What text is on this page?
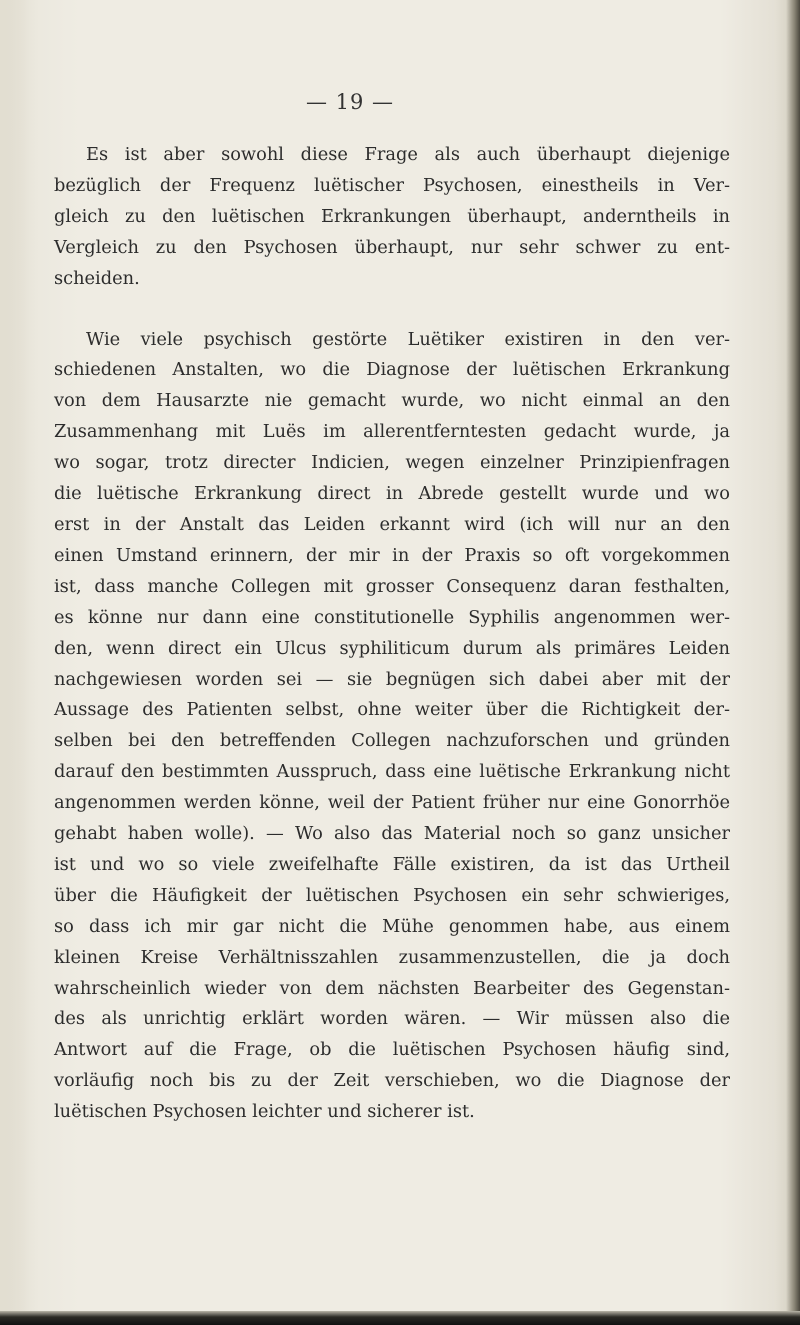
— 19 —
Es ist aber sowohl diese Frage als auch überhaupt diejenige
bezüglich der Frequenz luëtischer Psychosen, einestheils in Ver-
gleich zu den luëtischen Erkrankungen überhaupt, anderntheils in
Vergleich zu den Psychosen überhaupt, nur sehr schwer zu ent-
scheiden.
Wie viele psychisch gestörte Luëtiker existiren in den ver-
schiedenen Anstalten, wo die Diagnose der luëtischen Erkrankung
von dem Hausarzte nie gemacht wurde, wo nicht einmal an den
Zusammenhang mit Luës im allerentferntesten gedacht wurde, ja
wo sogar, trotz directer Indicien, wegen einzelner Prinzipienfragen
die luëtische Erkrankung direct in Abrede gestellt wurde und wo
erst in der Anstalt das Leiden erkannt wird (ich will nur an den
einen Umstand erinnern, der mir in der Praxis so oft vorgekommen
ist, dass manche Collegen mit grosser Consequenz daran festhalten,
es könne nur dann eine constitutionelle Syphilis angenommen wer-
den, wenn direct ein Ulcus syphiliticum durum als primäres Leiden
nachgewiesen worden sei — sie begnügen sich dabei aber mit der
Aussage des Patienten selbst, ohne weiter über die Richtigkeit der-
selben bei den betreffenden Collegen nachzuforschen und gründen
darauf den bestimmten Ausspruch, dass eine luëtische Erkrankung nicht
angenommen werden könne, weil der Patient früher nur eine Gonorrhöe
gehabt haben wolle). — Wo also das Material noch so ganz unsicher
ist und wo so viele zweifelhafte Fälle existiren, da ist das Urtheil
über die Häufigkeit der luëtischen Psychosen ein sehr schwieriges,
so dass ich mir gar nicht die Mühe genommen habe, aus einem
kleinen Kreise Verhältnisszahlen zusammenzustellen, die ja doch
wahrscheinlich wieder von dem nächsten Bearbeiter des Gegenstan-
des als unrichtig erklärt worden wären. — Wir müssen also die
Antwort auf die Frage, ob die luëtischen Psychosen häufig sind,
vorläufig noch bis zu der Zeit verschieben, wo die Diagnose der
luëtischen Psychosen leichter und sicherer ist.
